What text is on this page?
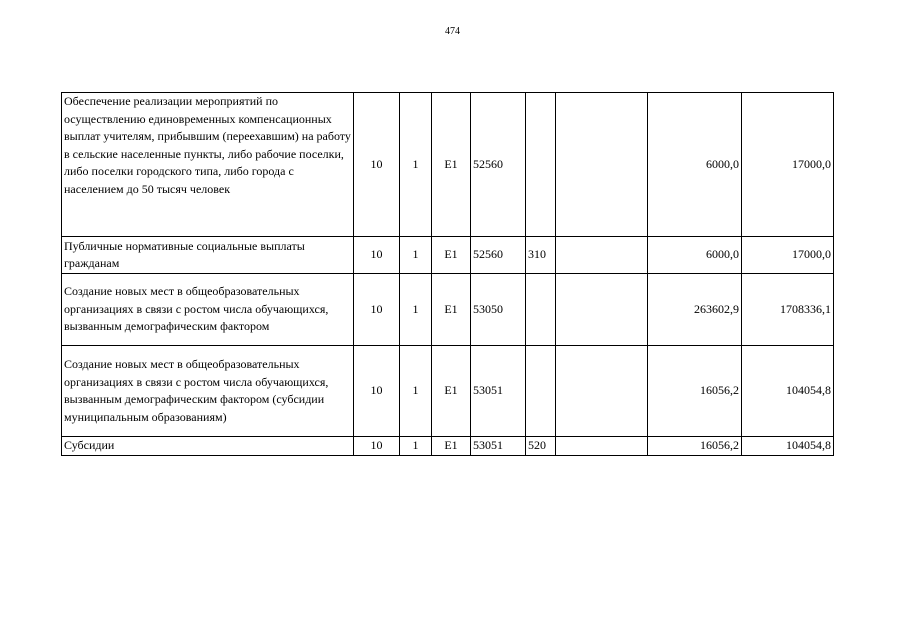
474
Обеспечение реализации мероприятий по осуществлению единовременных компенсационных выплат учителям, прибывшим (переехавшим) на работу в сельские населенные пункты, либо рабочие поселки, либо поселки городского типа, либо города с населением до 50 тысяч человек	10	1	E1	52560			6000,0	17000,0
Публичные нормативные социальные выплаты гражданам	10	1	E1	52560	310		6000,0	17000,0
Создание новых мест в общеобразовательных организациях в связи с ростом числа обучающихся, вызванным демографическим фактором	10	1	E1	53050			263602,9	1708336,1
Создание новых мест в общеобразовательных организациях в связи с ростом числа обучающихся, вызванным демографическим фактором (субсидии муниципальным образованиям)	10	1	E1	53051			16056,2	104054,8
Субсидии	10	1	E1	53051	520		16056,2	104054,8
